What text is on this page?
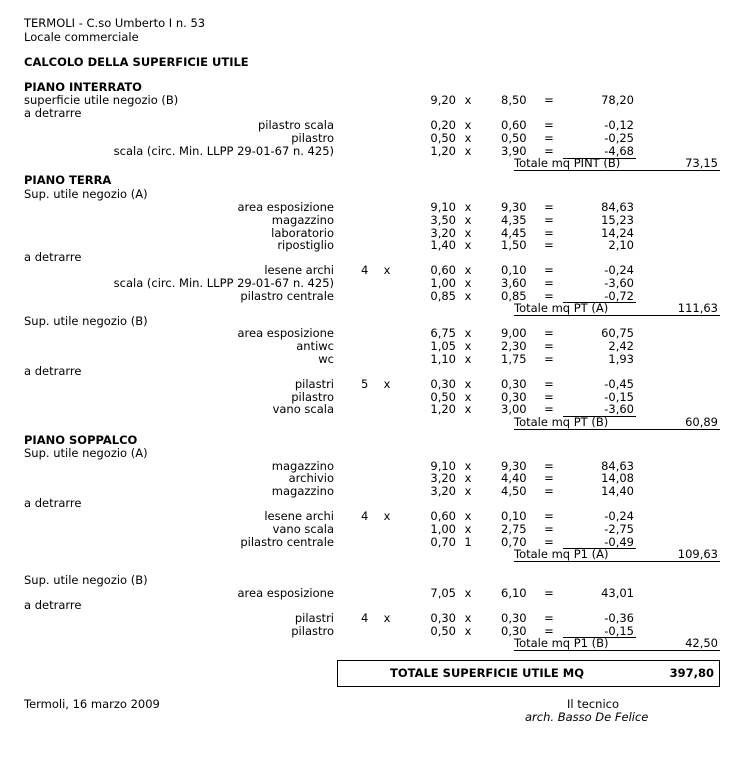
TERMOLI - C.so Umberto I n. 53
Locale commerciale
CALCOLO DELLA SUPERFICIE UTILE
PIANO INTERRATO
superficie utile negozio (B)	9,20 x	8,50 =	78,20
a detrarre
pilastro scala	0,20 x	0,60 =	-0,12
pilastro	0,50 x	0,50 =	-0,25
scala (circ. Min. LLPP 29-01-67 n. 425)	1,20 x	3,90 =	-4,68
Totale mq PINT (B)	73,15
PIANO TERRA
Sup. utile negozio (A)
area esposizione	9,10 x	9,30 =	84,63
magazzino	3,50 x	4,35 =	15,23
laboratorio	3,20 x	4,45 =	14,24
ripostiglio	1,40 x	1,50 =	2,10
a detrarre
lesene archi 4 x	0,60 x	0,10 =	-0,24
scala (circ. Min. LLPP 29-01-67 n. 425)	1,00 x	3,60 =	-3,60
pilastro centrale	0,85 x	0,85 =	-0,72
Totale mq PT (A)	111,63
Sup. utile negozio (B)
area esposizione	6,75 x	9,00 =	60,75
antiwc	1,05 x	2,30 =	2,42
wc	1,10 x	1,75 =	1,93
a detrarre
pilastri 5 x	0,30 x	0,30 =	-0,45
pilastro	0,50 x	0,30 =	-0,15
vano scala	1,20 x	3,00 =	-3,60
Totale mq PT (B)	60,89
PIANO SOPPALCO
Sup. utile negozio (A)
magazzino	9,10 x	9,30 =	84,63
archivio	3,20 x	4,40 =	14,08
magazzino	3,20 x	4,50 =	14,40
a detrarre
lesene archi 4 x	0,60 x	0,10 =	-0,24
vano scala	1,00 x	2,75 =	-2,75
pilastro centrale	0,70 1	0,70 =	-0,49
Totale mq P1 (A)	109,63
Sup. utile negozio (B)
area esposizione	7,05 x	6,10 =	43,01
a detrarre
pilastri 4 x	0,30 x	0,30 =	-0,36
pilastro	0,50 x	0,30 =	-0,15
Totale mq P1 (B)	42,50
TOTALE SUPERFICIE UTILE MQ	397,80
Termoli, 16 marzo 2009	Il tecnico
arch. Basso De Felice
